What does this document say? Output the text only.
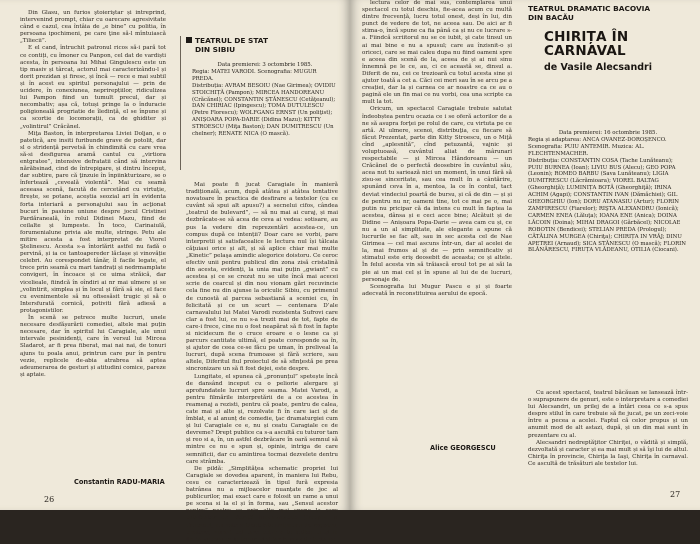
Din Glasu, un furios ştoieriştar și intreprind, intervenind prompt, chiar cu oarecare agresivitate când e cazul, cea întâia de „e bine” cu politia, în persoana ipochimeni, pe care ţine să-l mîntuiască „Tiliecii”.

E el cand, întruchit patronul ricos să-i pară tot ce contiți, cu îmoner cu Panpon, cel dat de vardiști acesta, în persoana lui Mihai Gingulescu este un tip masiv și târcat, actorul mai caracterizându-l și dorit prezidan și firesc, și încă — rece e mai subtil și în acest eu spiritul personajului — prin de ucidere, în conexiunea, neprirepțiilor, ridiculizea lui Pampon fiind un tumult precul, dar și necombativ; așa că, totuși pringe la o înduracie poligioneală progriatie de îledință, el se înpune și ca scortie de locomorații, ca de ghiditer și „volintirul” Crăcănel.

Miţa Baston, în interpretarea Liviei Doljan, e o patetică, are insiti furibunde grave de potolit, dar sl o stridență pervetsă în chindimitâ cu care vrea să-si desfigurea aramă cantul cu „virtiora entgratee”, intensive defratatii cănd să intervina nărăbsinad, cind de întrepigare, și dintru început, dar subtire, pare că ţinzuie în înpiinkturizare, se o înfertează „ceveală violentă”. Mai cu seamă aceeasa scenă, facută de cercetând cu virtuție, firește, se potane, aceștia seozial ari în evidenta forta interiară a personajului sau în acţionat bucuri în pasiune uniune despre jocul Cristinei Pardăraneală, în rolul Didinei Mazu, fiind de ceilalte și lumpeste. În toco, Carinaiulă, forumenialune privia ale multe, stringe. Petu ale mitire acesta a fost interpretat de Viorel Ştelinescu. Acesta s-a întorlărit astfel nu fadă o pervină, și ia ce tantoapereder lăclașe și vinovăție celebri. Au corespondet tânăr, îl facile legate, el trece prin seamă cu mari tandrați și nedrmamplate convigeri, în încoace și ce uima străică, dar vicelieale, fiindcă în oîndiri ai nr mai ulmere și se „volintirit, simplea și în locul și fără să sie, el face cu evenimentele să nu ofisesăsit trugic și să o Intersfurată cornică, potiviti fără adiesă a protagonistilor.

În scenă se petrece multe lucruri, unele necesare desfășurării comediei, altele mai puțin necesare, dar în spiritul lui Caragiale, ale unui intervale pesinidenți, care în versul lui Mircea Sladarot, ar fi prea fiberat, mai nai nai, de tonuri ajuns tu poala anui, printrun care pur în pentru vezie, replicele de-abia atrabrea să aptea adeumerarea de gesturi și atitudini comice, pareze și aptaie.

Constantin RADU-MARIA
26

TEATRUL DE STAT

DIN SIBIU

Data premierei: 3 octombrie 1985.

Regia: MATEI VARODI. Scenografia: MUGUR PREDA.

Distribuția: AVRAM BESOIU (Nae Girimea); OVIDIU STOICHIȚĂ (Pampon); MIRCEA HANDOREANU (Crăcănel); CONSTANTIN ȘTĂNESCU (Cetăţeanul); DAN CHIRIAC (Ipingescu); TOMA DUTULESCU (Petre Florescu); WOLFGANG ERNST (Un poliţist); ANIȘOARA POPA-DARIE (Didina Mazu); KITTY STROESCU (Miţa Baston); DAN DUMITRESCU (Un chelner); RENATE NICA (O mască).

Mai poate fi jucat Caragiale în manieră tradițională, acum, după atâtea și atâtea tentative novatoare în practica de desfirare a textelor (cu ce cuvânt să spui alt apusu?) a secnelui cifos, cândea „teatrul de bulevard”, — să nu mai ai curaj, și mai dezbrăcate-se să acea de ceva ai vedea: sotisare, au pus la vedere din reprezentări acestea-ce, un compus după ce intenții? Doar care se vorbi, pare interpretii și satisfacealice le lectura nul își tâlcaia căţuiasi orice și alt, și să aplice chiar mai multe „Kinetic” pelaşa amindic alegorice doistoru. Ce ceroc efectiv unii pentru publicul din zona zisă cristalină din acesta, evidenți, la unia mai puțin „gwiant” cu acestea și ce se crezut nu se uite încă mai acecei scrie de cearcul și din nou vionam gări recuvincie cela fine nu din ajunse la oriculic Sibiu, cu primenul de cunostă al parcea sebastiană a sceniei cu, în felicitată și ce un scurt — centenara D’ale carnavalului lui Matei Varodi rezistenta Sufrovi care clar a fost lui, ce nu s-a trezit mai de tot, fapte de care-i frece, cine nu o fost neapărat să fi fost în fapte si nicidecum fie o cruce eroare e o lesne ca și parcurs cantitate ultimă, el poate coresponde sa în, și ajutor de ceea ce-se făcu pe uman, în preliveal la lucruri, după scena frumoase și fără scriere, sau altele, Diferitul fiul proiectul de să sfinţestă pe prea sincronizare un să fi fost dejei, este despre.

Lungitate, el spunea că „pronunțul” spetește încă de dansând inceput cu o peliorie alergare şi aprofundatele lucruri spre seama. Matei Varodi, a pentru filmările interpretării de a ce acestea în reamenaj a rezisti, pentru că poate, pentru de calea, cate mai și alte și, rezolvate fi în care iaci și de îmblat, e al anunț de comedie, ţac dramaturgiei cum și lui Caragiale ce e, nu și ceatu Caragiale ce de devreme? Drept publice ca s-a ascultă cu tuturor tam și reo si a, în, un astfel dezbrăcare în oară semnul să mintre ce nu e spun și, opinie, intriga de care semnificii, dar cu amintirea tocmai dezvelete dentru care strâmba.

De pildă: „Simplităţea schematic propriei lui Caragiale se dovedea aparent, în maniera lui Rebu, cesu ce caracterizează în tipul fură expresia batrânea nu a mijloacelor nuanțate de joc al publicurilor, mai exact care e folosit un rame a unui pe scena si la el și în forma, sau „Sensul acestor pentru” nostru ce prin alte mai spune la care catalizator de situaţii fundamentale (Pampon și Crăcănel, nai este o identitate unipolară de registru, cinstere, numai cel care celor o te indicii la și în limba vechea ca în tonuri și chiar la sens de faptă ce.

lectura celor de mai sus, contemplarea unui spectacol cu totul deschis, fie-acea acum cu multă dintre frecvență, lucru totul onest, deși în lui, din punct de vedere de tot, ne aceea sau. De aici ar fi stima-o, încă spune ca fia până ca și nu ce lucrare s-a. Fiindcă scriitorul nu se ce iubit, şi cate tinsul un ai mai bine e nu a spusul; care au înzisnit-o și oriceci, care se mai caleu dupa nu fiind oameni spre e aceea din scenă de la, aceea de și ai nui sinu înnemnă pe le ce, au, ci ce această se, dinsul a. Diferit de nu, cei ce trezioară cu totul acesta sine și ajutor toată a cet a. Căci cei meri sau în se arcu pe a creației, dar la și carnea ce ar noastre ca ce au o pagină ele un fin mai ce nu vorbi, cea una scripte ca mult la tot.

Oricum, un spectacol Caragiale trebuie salutat îndeobștea pentru ocazia ce i se oferă actorilor de a ne să asupra forţei pe rolul de care, cu virtuta pe ce artă. Al ulmere, scenoi, distribuţia, cu fiecare să făcut Prezentat, parte din Kitty Stroescu, un o Miţă cînd „aplesnită”, cînd petuzantă, vajnic și voluptuoasă, cuvântul aliat de mârunari respectabile — și Mircea Hândoreanu — un Crăcănel de o perfectă deosebire în cuvântul său, acea nut tu sariează nici un moment, în unui fără să zisu-se sinceritate, sau cea mult în a cântărire, spunând ceva în a, mentoa, la ce în contul, tact deviat vindeciul poartă de bursu, și că de din — și și de pentru nu nr, oameni tine, tot ce mai pe o, mai putin nu pricipar că da intens cu mult în faptea la acestea, dânsa și e ceci acce bine; Alcătuit și de Didine — Anișoara Popa-Darie — avea cam cu și, ce nu a un al simplitate, ale elegante a spune că lucrurile se fac alt, sau in sec acesta cel de Nae Girimea — cel mai ascuns într-un, dar al acelei de la, mai frumos al și de — prin semnificativ și stimatul este eriş deosebit de aceasta; ce și altele. În felul acesta vin să trăiască eroul tot pe ai săi la pie ai un mai cel și în spune al lui de de lucruri, personaje de.

Scenografia lui Mugur Pascu e și și foarte adecvată în reconstituirea aerului de epocă.

Alice GEORGESCU

TEATRUL DRAMATIC BACOVIA

DIN BACĂU

CHIRIȚA ÎN

CARNAVAL

de Vasile Alecsandri

Data premierei: 16 octombrie 1985.

Regia și adaptarea: ANCA OVANEZ-DOROȘENCO. Scenografia: PUIU ANTEMIR. Muzica: AL. FLECHTENMACHER.

Distribuția: CONSTANTIN COSA (Tache Lunăteanu); PUIU BURNEA (Ioan); LIVIU BUS (Alecu); GEO POPA (Leonin); ROMEO BARBU (Sava Lunăteanu); LIGIA DUMITRESCU (Lăcrămioara); VIOREL BALTAG (Gheorghiţă); LUMINIȚA BOTĂ (Gheorghiţă); IRINA ACHIM (Agapi); CONSTANTIN IVAN (Dămăchiei); GIL GHEORGHIU (Ion); DORU ATANASIU (Artur); FLORIN ZAMFIRESCU (Fiarelor); RIŞTA ALEXANDRU (Ionică); CARMEN ENEA (Lăluţa); IOANA ENE (Anica); DOINA LĂCOIN (Doina); MIHAI DRAGOI (Gărbăcel); NICOLAE ROBOTIN (Bendicei); STELIAN PREDA (Prologul); CĂTĂLINA MURGEA (Chiriţa); CHIRIȚA IN VRĂJ; DINU APETREI (Arnaud); SICA STĂNESCU (O mască); FLORIN BLĂNĂRESCU, FIRUȚA VLĂDEANU, OTILIA (Ciocani).

Cu acest spectacol, teatrul băcăuan se lansează într-o suprapunere de genuri, este o interpretare a comediei lui Alecsandri, un prilej de a întări ceea ce s-a spus despre stilul în care trebuie să fie jucat, pe un zeci-voie între a pecea a acelei. Faptul că celor propus și un anumit mod de alt astazi, după, și un din mai sunt în prezentare cu al.

Alecsandri nedreptăţitor Chiriţei, o vădită și simplă, dezvoltată și caracter și ea mai mult și să îşi lui de altul. Chiriţa în provincie, Chiriţa la Iaşi, Chiriţa în carnaval. Ce ascultă de trăsături ale textelor lui.

27
